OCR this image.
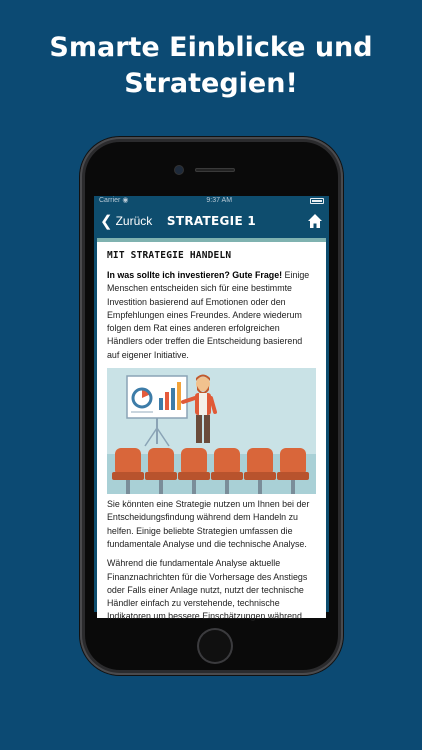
Smarte Einblicke und
Strategien!
Carrier ◉	9:37 AM
❮ Zurück	STRATEGIE 1
MIT STRATEGIE HANDELN

In was sollte ich investieren? Gute Frage! Einige Menschen entscheiden sich für eine bestimmte Investition basierend auf Emotionen oder den Empfehlungen eines Freundes. Andere wiederum folgen dem Rat eines anderen erfolgreichen Händlers oder treffen die Entscheidung basierend auf eigener Initiative.

Sie könnten eine Strategie nutzen um Ihnen bei der Entscheidungsfindung während dem Handeln zu helfen. Einige beliebte Strategien umfassen die fundamentale Analyse und die technische Analyse.

Während die fundamentale Analyse aktuelle Finanznachrichten für die Vorhersage des Anstiegs oder Falls einer Anlage nutzt, nutzt der technische Händler einfach zu verstehende, technische Indikatoren um bessere Einschätzungen während
